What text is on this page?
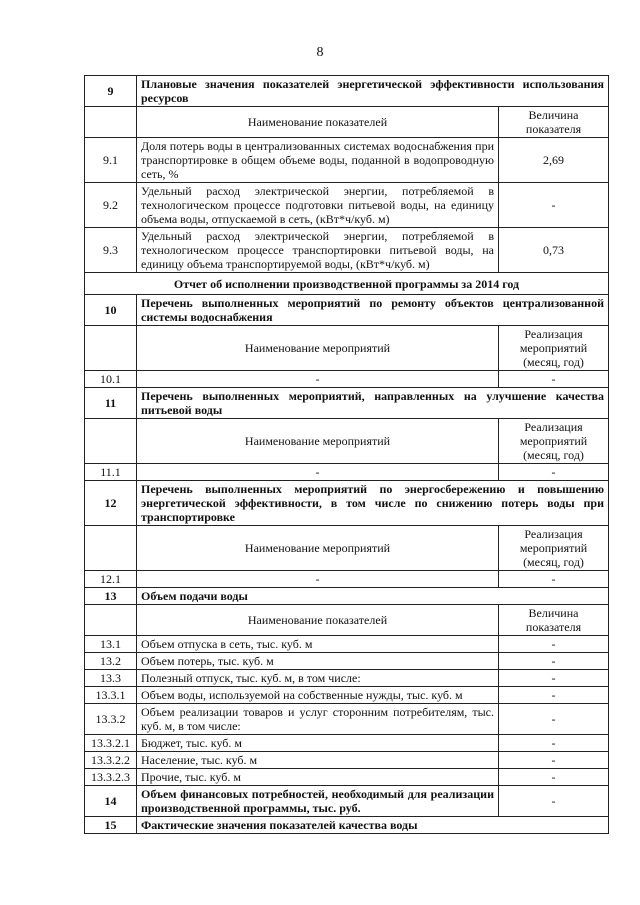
8
9	Плановые значения показателей энергетической эффективности использования ресурсов	
	Наименование показателей	Величина показателя
9.1	Доля потерь воды в централизованных системах водоснабжения при транспортировке в общем объеме воды, поданной в водопроводную сеть, %	2,69
9.2	Удельный расход электрической энергии, потребляемой в технологическом процессе подготовки питьевой воды, на единицу объема воды, отпускаемой в сеть, (кВт*ч/куб. м)	-
9.3	Удельный расход электрической энергии, потребляемой в технологическом процессе транспортировки питьевой воды, на единицу объема транспортируемой воды, (кВт*ч/куб. м)	0,73
Отчет об исполнении производственной программы за 2014 год		
10	Перечень выполненных мероприятий по ремонту объектов централизованной системы водоснабжения	
	Наименование мероприятий	Реализация мероприятий (месяц, год)
10.1	-	-
11	Перечень выполненных мероприятий, направленных на улучшение качества питьевой воды	
	Наименование мероприятий	Реализация мероприятий (месяц, год)
11.1	-	-
12	Перечень выполненных мероприятий по энергосбережению и повышению энергетической эффективности, в том числе по снижению потерь воды при транспортировке	
	Наименование мероприятий	Реализация мероприятий (месяц, год)
12.1	-	-
13	Объем подачи воды	
	Наименование показателей	Величина показателя
13.1	Объем отпуска в сеть, тыс. куб. м	-
13.2	Объем потерь, тыс. куб. м	-
13.3	Полезный отпуск, тыс. куб. м, в том числе:	-
13.3.1	Объем воды, используемой на собственные нужды, тыс. куб. м	-
13.3.2	Объем реализации товаров и услуг сторонним потребителям, тыс. куб. м, в том числе:	-
13.3.2.1	Бюджет, тыс. куб. м	-
13.3.2.2	Население, тыс. куб. м	-
13.3.2.3	Прочие, тыс. куб. м	-
14	Объем финансовых потребностей, необходимый для реализации производственной программы, тыс. руб.	-
15	Фактические значения показателей качества воды	
